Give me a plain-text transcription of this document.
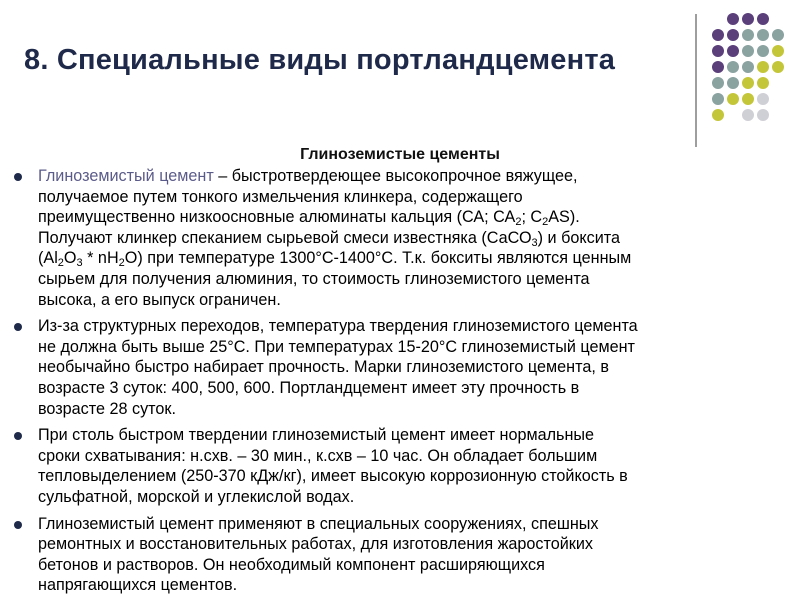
8. Специальные виды портландцемента
Глиноземистые цементы
Глиноземистый цемент – быстротвердеющее высокопрочное вяжущее,
получаемое путем тонкого измельчения клинкера, содержащего
преимущественно низкоосновные алюминаты кальция (СА; $СА_2$; $С_2АS$).
Получают клинкер спеканием сырьевой смеси известняка (СаСО$_3$) и боксита
$(Al_2O_3 * nH_2O)$ при температуре 1300°С-1400°С. Т.к. бокситы являются ценным
сырьем для получения алюминия, то стоимость глиноземистого цемента
высока, а его выпуск ограничен.
Из-за структурных переходов, температура твердения глиноземистого цемента
не должна быть выше 25°С. При температурах 15-20°С глиноземистый цемент
необычайно быстро набирает прочность. Марки глиноземистого цемента, в
возрасте 3 суток: 400, 500, 600. Портландцемент имеет эту прочность в
возрасте 28 суток.
При столь быстром твердении глиноземистый цемент имеет нормальные
сроки схватывания: н.схв. – 30 мин., к.схв – 10 час. Он обладает большим
тепловыделением (250-370 кДж/кг), имеет высокую коррозионную стойкость в
сульфатной, морской и углекислой водах.
Глиноземистый цемент применяют в специальных сооружениях, спешных
ремонтных и восстановительных работах, для изготовления жаростойких
бетонов и растворов. Он необходимый компонент расширяющихся
напрягающихся цементов.
